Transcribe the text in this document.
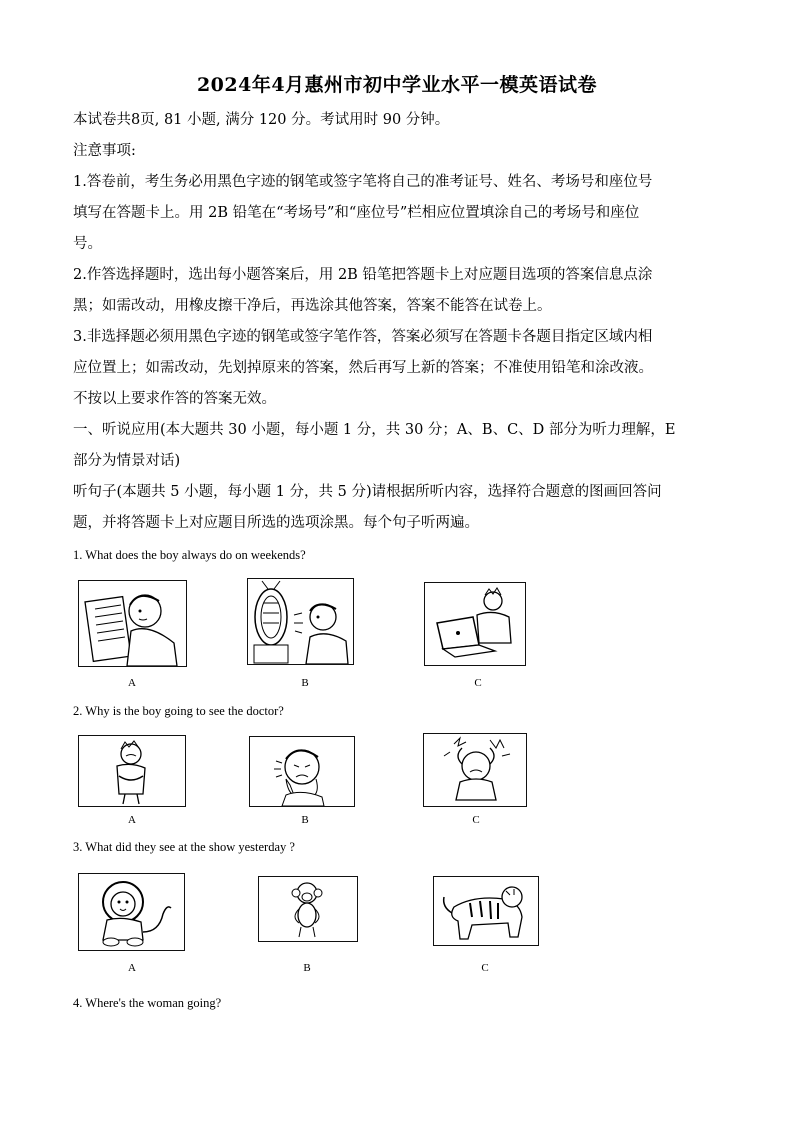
2024年4月惠州市初中学业水平一模英语试卷
本试卷共8页, 81 小题, 满分 120 分。考试用时 90 分钟。
注意事项:
1.答卷前，考生务必用黑色字迹的钢笔或签字笔将自己的准考证号、姓名、考场号和座位号
填写在答题卡上。用 2B 铅笔在“考场号”和“座位号”栏相应位置填涂自己的考场号和座位
号。
2.作答选择题时，选出每小题答案后，用 2B 铅笔把答题卡上对应题目选项的答案信息点涂
黑；如需改动，用橡皮擦干净后，再选涂其他答案，答案不能答在试卷上。
3.非选择题必须用黑色字迹的钢笔或签字笔作答，答案必须写在答题卡各题目指定区域内相
应位置上；如需改动，先划掉原来的答案，然后再写上新的答案；不准使用铅笔和涂改液。
不按以上要求作答的答案无效。
一、听说应用(本大题共 30 小题，每小题 1 分，共 30 分；A、B、C、D 部分为听力理解，E
部分为情景对话)
听句子(本题共 5 小题，每小题 1 分，共 5 分)请根据所听内容，选择符合题意的图画回答问
题，并将答题卡上对应题目所选的选项涂黑。每个句子听两遍。
1. What does the boy always do on weekends?
A	B	C
2. Why is the boy going to see the doctor?
A	B	C
3. What did they see at the show yesterday ?
A	B	C
4. Where's the woman going?
